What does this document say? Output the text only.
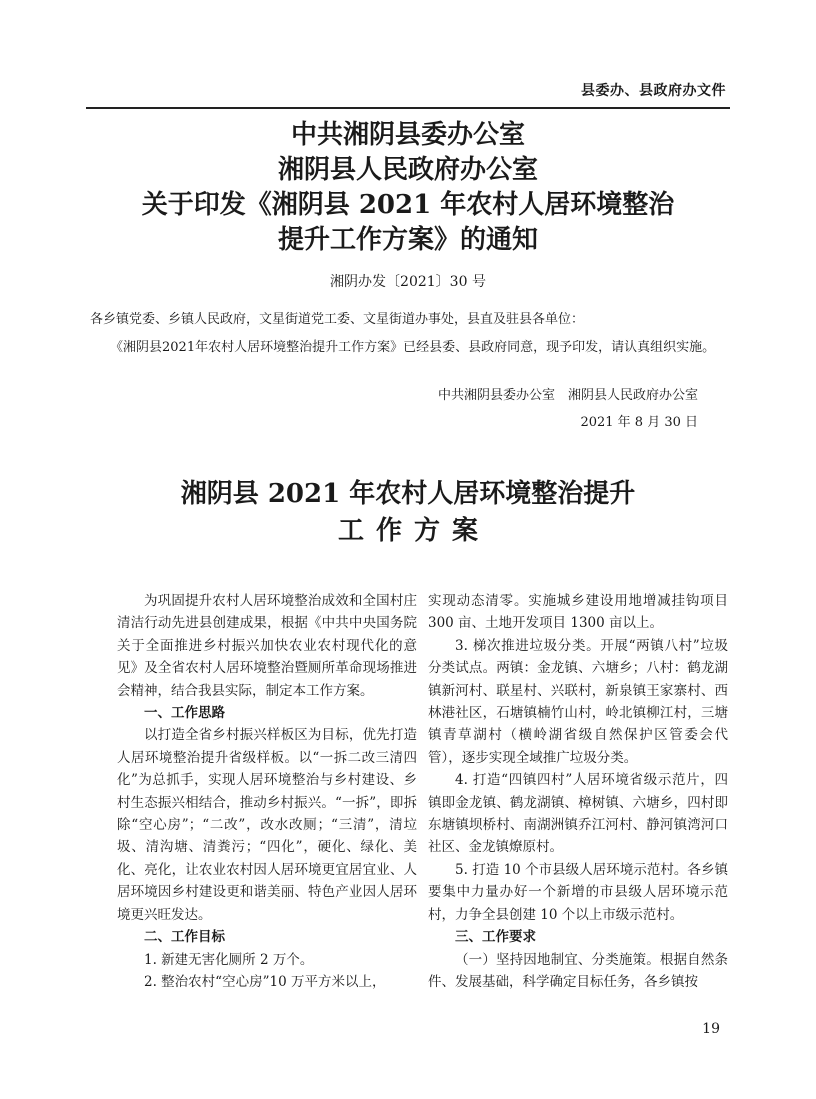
县委办、县政府办文件
中共湘阴县委办公室
湘阴县人民政府办公室
关于印发《湘阴县 2021 年农村人居环境整治
提升工作方案》的通知
湘阴办发〔2021〕30 号
各乡镇党委、乡镇人民政府，文星街道党工委、文星街道办事处，县直及驻县各单位：
《湘阴县2021年农村人居环境整治提升工作方案》已经县委、县政府同意，现予印发，请认真组织实施。
中共湘阴县委办公室　湘阴县人民政府办公室
2021 年 8 月 30 日
湘阴县 2021 年农村人居环境整治提升
工作方案

为巩固提升农村人居环境整治成效和全国村庄清洁行动先进县创建成果，根据《中共中央国务院关于全面推进乡村振兴加快农业农村现代化的意见》及全省农村人居环境整治暨厕所革命现场推进会精神，结合我县实际，制定本工作方案。

一、工作思路

以打造全省乡村振兴样板区为目标，优先打造人居环境整治提升省级样板。以“一拆二改三清四化”为总抓手，实现人居环境整治与乡村建设、乡村生态振兴相结合，推动乡村振兴。“一拆”，即拆除“空心房”；“二改”，改水改厕；“三清”，清垃圾、清沟塘、清粪污；“四化”，硬化、绿化、美化、亮化，让农业农村因人居环境更宜居宜业、人居环境因乡村建设更和谐美丽、特色产业因人居环境更兴旺发达。

二、工作目标

1. 新建无害化厕所 2 万个。

2. 整治农村“空心房”10 万平方米以上，

实现动态清零。实施城乡建设用地增减挂钩项目 300 亩、土地开发项目 1300 亩以上。

3. 梯次推进垃圾分类。开展“两镇八村”垃圾分类试点。两镇：金龙镇、六塘乡；八村：鹤龙湖镇新河村、联星村、兴联村，新泉镇王家寨村、西林港社区，石塘镇楠竹山村，岭北镇柳江村，三塘镇青草湖村（横岭湖省级自然保护区管委会代管），逐步实现全域推广垃圾分类。

4. 打造“四镇四村”人居环境省级示范片，四镇即金龙镇、鹤龙湖镇、樟树镇、六塘乡，四村即东塘镇坝桥村、南湖洲镇乔江河村、静河镇湾河口社区、金龙镇燎原村。

5. 打造 10 个市县级人居环境示范村。各乡镇要集中力量办好一个新增的市县级人居环境示范村，力争全县创建 10 个以上市级示范村。

三、工作要求

（一）坚持因地制宜、分类施策。根据自然条件、发展基础，科学确定目标任务，各乡镇按

19
